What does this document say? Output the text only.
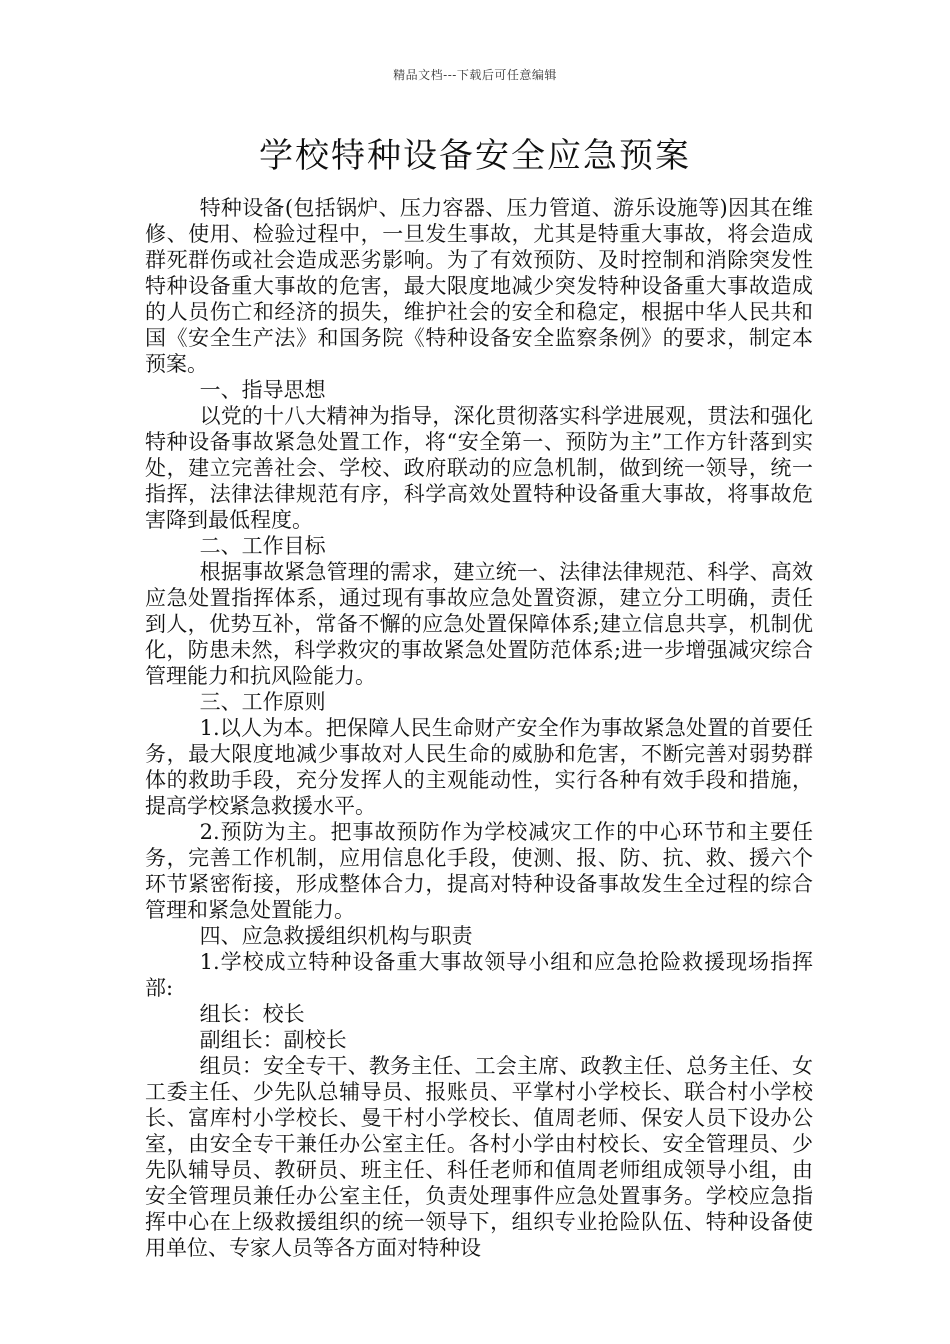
精品文档---下载后可任意编辑
学校特种设备安全应急预案

特种设备(包括锅炉、压力容器、压力管道、游乐设施等)因其在维修、使用、检验过程中，一旦发生事故，尤其是特重大事故，将会造成群死群伤或社会造成恶劣影响。为了有效预防、及时控制和消除突发性特种设备重大事故的危害，最大限度地减少突发特种设备重大事故造成的人员伤亡和经济的损失，维护社会的安全和稳定，根据中华人民共和国《安全生产法》和国务院《特种设备安全监察条例》的要求，制定本预案。

一、指导思想

以党的十八大精神为指导，深化贯彻落实科学进展观，贯法和强化特种设备事故紧急处置工作，将“安全第一、预防为主”工作方针落到实处，建立完善社会、学校、政府联动的应急机制，做到统一领导，统一指挥，法律法律规范有序，科学高效处置特种设备重大事故，将事故危害降到最低程度。

二、工作目标

根据事故紧急管理的需求，建立统一、法律法律规范、科学、高效应急处置指挥体系，通过现有事故应急处置资源，建立分工明确，责任到人，优势互补，常备不懈的应急处置保障体系;建立信息共享，机制优化，防患未然，科学救灾的事故紧急处置防范体系;进一步增强减灾综合管理能力和抗风险能力。

三、工作原则

1.以人为本。把保障人民生命财产安全作为事故紧急处置的首要任务，最大限度地减少事故对人民生命的威胁和危害，不断完善对弱势群体的救助手段，充分发挥人的主观能动性，实行各种有效手段和措施，提高学校紧急救援水平。

2.预防为主。把事故预防作为学校减灾工作的中心环节和主要任务，完善工作机制，应用信息化手段，使测、报、防、抗、救、援六个环节紧密衔接，形成整体合力，提高对特种设备事故发生全过程的综合管理和紧急处置能力。

四、应急救援组织机构与职责

1.学校成立特种设备重大事故领导小组和应急抢险救援现场指挥部:

组长：校长

副组长：副校长

组员：安全专干、教务主任、工会主席、政教主任、总务主任、女工委主任、少先队总辅导员、报账员、平掌村小学校长、联合村小学校长、富库村小学校长、曼干村小学校长、值周老师、保安人员下设办公室，由安全专干兼任办公室主任。各村小学由村校长、安全管理员、少先队辅导员、教研员、班主任、科任老师和值周老师组成领导小组，由安全管理员兼任办公室主任，负责处理事件应急处置事务。学校应急指挥中心在上级救援组织的统一领导下，组织专业抢险队伍、特种设备使用单位、专家人员等各方面对特种设
